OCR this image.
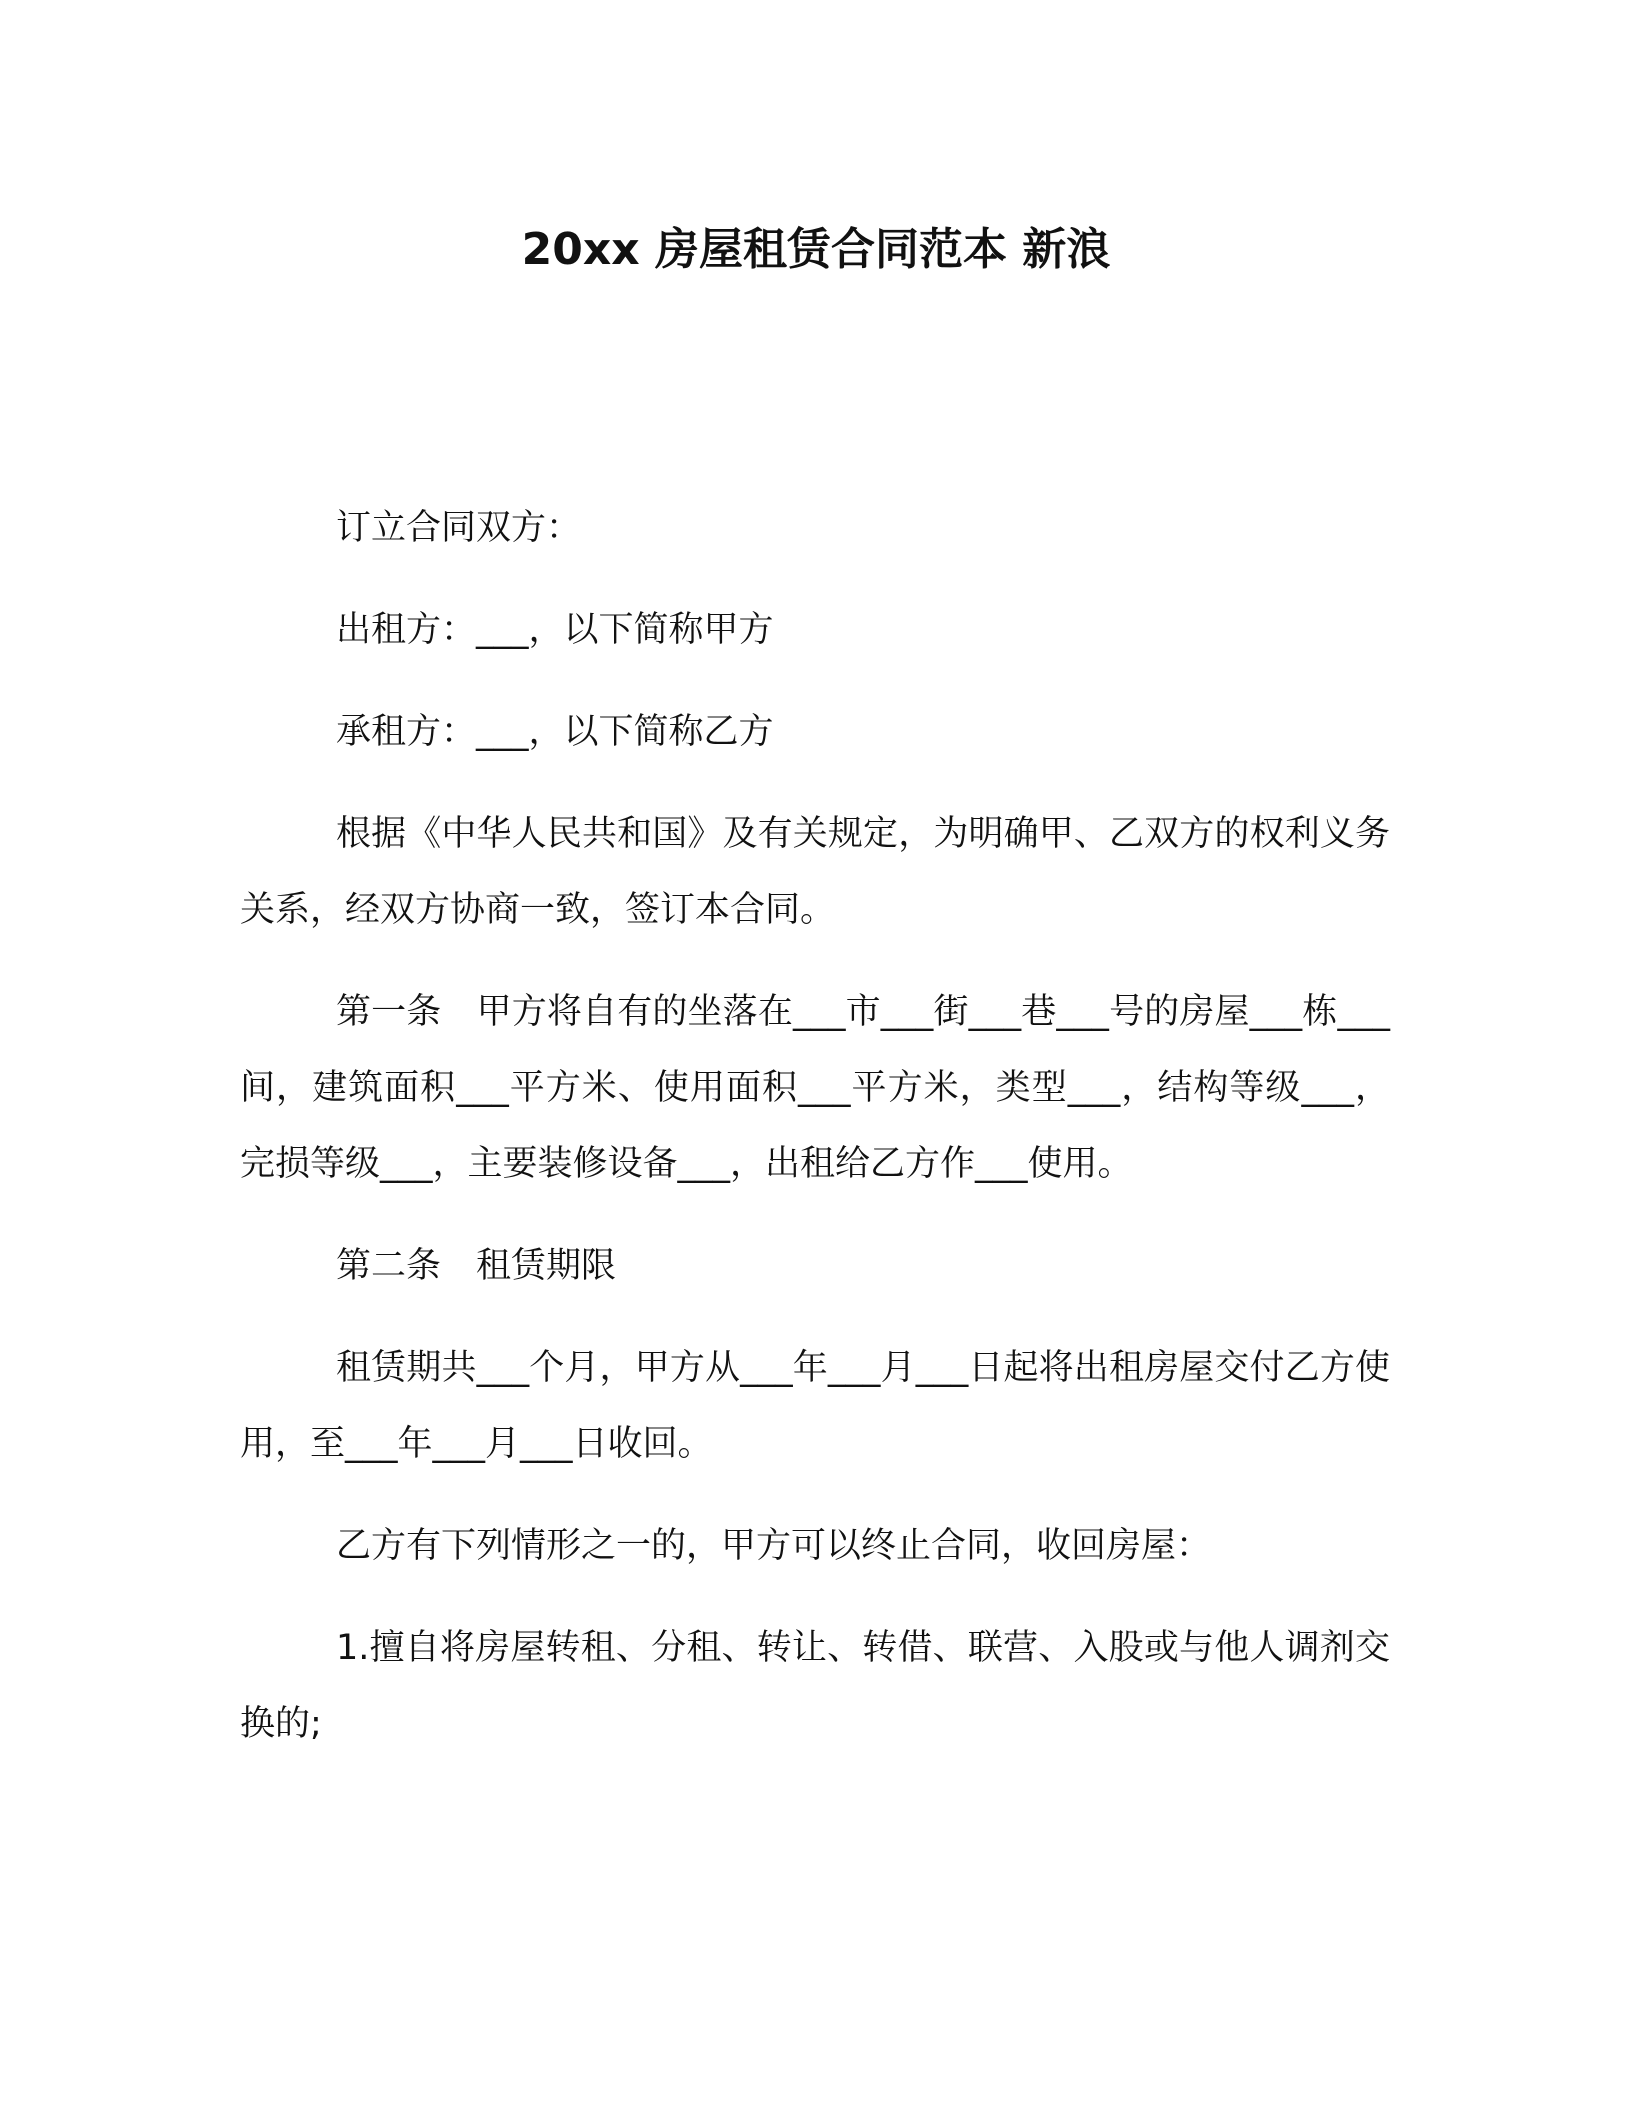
20xx 房屋租赁合同范本 新浪

订立合同双方：

出租方：___，以下简称甲方

承租方：___，以下简称乙方

根据《中华人民共和国》及有关规定，为明确甲、乙双方的权利义务关系，经双方协商一致，签订本合同。

第一条　甲方将自有的坐落在___市___街___巷___号的房屋___栋___间，建筑面积___平方米、使用面积___平方米，类型___，结构等级___，完损等级___，主要装修设备___，出租给乙方作___使用。

第二条　租赁期限

租赁期共___个月，甲方从___年___月___日起将出租房屋交付乙方使用，至___年___月___日收回。

乙方有下列情形之一的，甲方可以终止合同，收回房屋：

1.擅自将房屋转租、分租、转让、转借、联营、入股或与他人调剂交换的;
